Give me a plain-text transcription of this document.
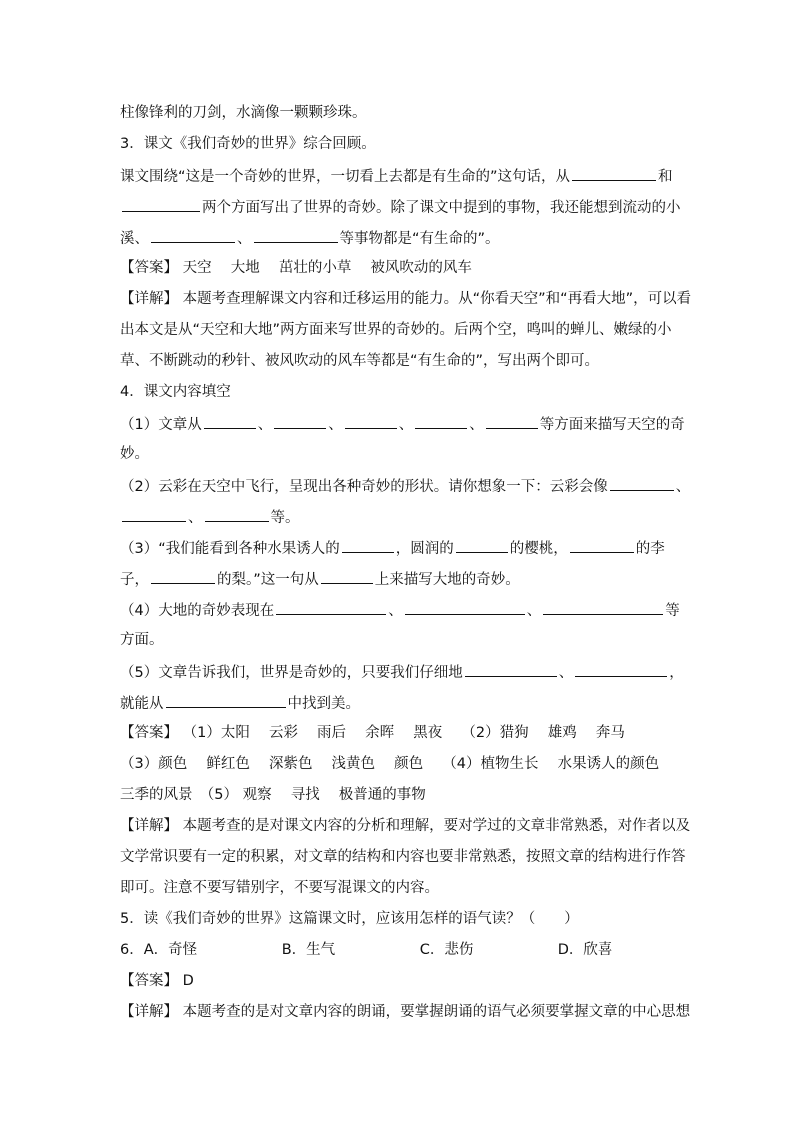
柱像锋利的刀剑，水滴像一颗颗珍珠。
3．课文《我们奇妙的世界》综合回顾。
课文围绕“这是一个奇妙的世界，一切看上去都是有生命的”这句话，从	和
两个方面写出了世界的奇妙。除了课文中提到的事物，我还能想到流动的小
溪、	、	等事物都是“有生命的”。
【答案】 天空　 大地　 茁壮的小草　 被风吹动的风车
【详解】 本题考查理解课文内容和迁移运用的能力。从“你看天空”和“再看大地”，可以看
出本文是从“天空和大地”两方面来写世界的奇妙的。后两个空，鸣叫的蝉儿、嫩绿的小
草、不断跳动的秒针、被风吹动的风车等都是“有生命的”，写出两个即可。
4．课文内容填空
（1）文章从	、	、	、	、	等方面来描写天空的奇
妙。
（2）云彩在天空中飞行，呈现出各种奇妙的形状。请你想象一下：云彩会像	、
、	等。
（3）“我们能看到各种水果诱人的	，圆润的	的樱桃，	的李
子，	的梨。”这一句从	上来描写大地的奇妙。
（4）大地的奇妙表现在	、	、	等
方面。
（5）文章告诉我们，世界是奇妙的，只要我们仔细地	、	，
就能从	中找到美。
【答案】 （1）太阳　 云彩　 雨后　 余晖　 黑夜　 （2）猎狗　 雄鸡　 奔马
（3）颜色　 鲜红色　 深紫色　 浅黄色　 颜色　 （4）植物生长　 水果诱人的颜色
三季的风景　（5） 观察　 寻找　 极普通的事物
【详解】 本题考查的是对课文内容的分析和理解，要对学过的文章非常熟悉，对作者以及
文学常识要有一定的积累，对文章的结构和内容也要非常熟悉，按照文章的结构进行作答
即可。注意不要写错别字，不要写混课文的内容。
5．读《我们奇妙的世界》这篇课文时，应该用怎样的语气读？（　　）
6．A．奇怪	B．生气	C．悲伤	D．欣喜
【答案】 D
【详解】 本题考查的是对文章内容的朗诵，要掌握朗诵的语气必须要掌握文章的中心思想
